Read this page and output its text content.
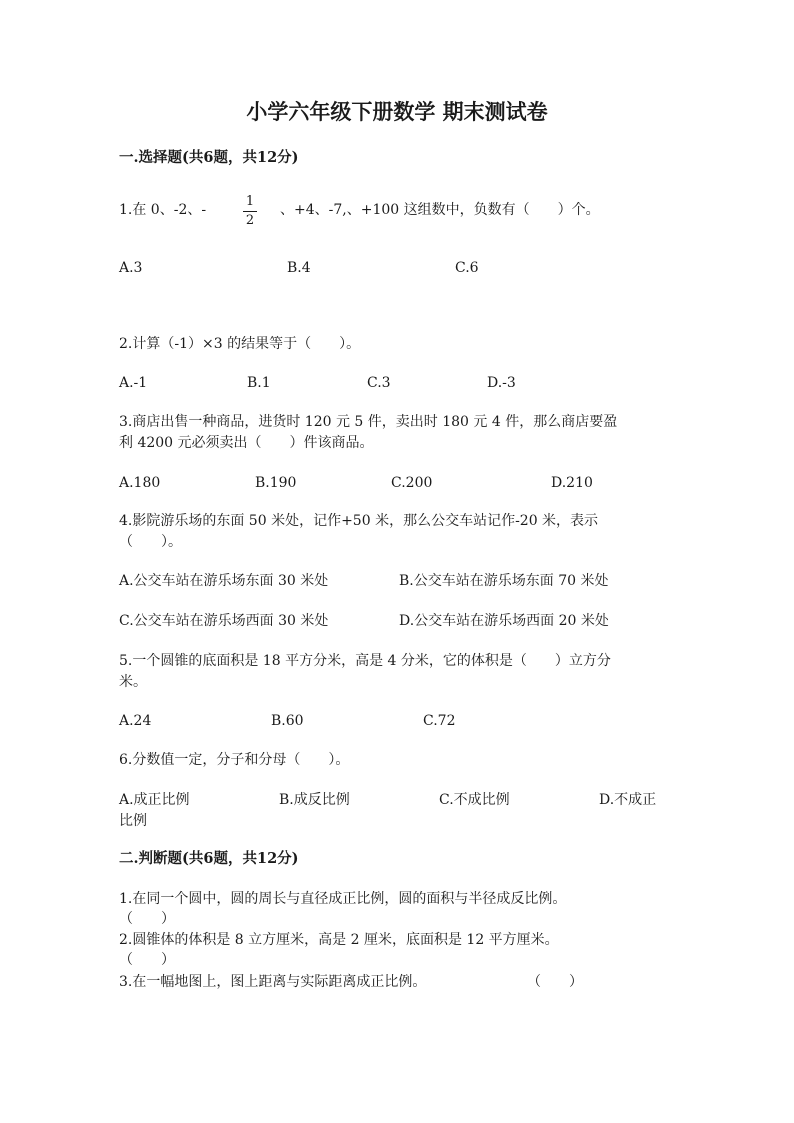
小学六年级下册数学 期末测试卷
一.选择题(共6题，共12分)
1.在 0、-2、-
1
2
、+4、-7,、+100 这组数中，负数有（　　）个。
A.3	B.4	C.6
2.计算（-1）×3 的结果等于（　　）。
A.-1	B.1	C.3	D.-3
3.商店出售一种商品，进货时 120 元 5 件，卖出时 180 元 4 件，那么商店要盈
利 4200 元必须卖出（　　）件该商品。
A.180	B.190	C.200	D.210
4.影院游乐场的东面 50 米处，记作+50 米，那么公交车站记作-20 米，表示
（　　）。
A.公交车站在游乐场东面 30 米处	B.公交车站在游乐场东面 70 米处
C.公交车站在游乐场西面 30 米处	D.公交车站在游乐场西面 20 米处
5.一个圆锥的底面积是 18 平方分米，高是 4 分米，它的体积是（　　）立方分
米。
A.24	B.60	C.72
6.分数值一定，分子和分母（　　）。
A.成正比例	B.成反比例	C.不成比例	D.不成正
比例
二.判断题(共6题，共12分)
1.在同一个圆中，圆的周长与直径成正比例，圆的面积与半径成反比例。
（　　）
2.圆锥体的体积是 8 立方厘米，高是 2 厘米，底面积是 12 平方厘米。
（　　）
3.在一幅地图上，图上距离与实际距离成正比例。	（　　）
